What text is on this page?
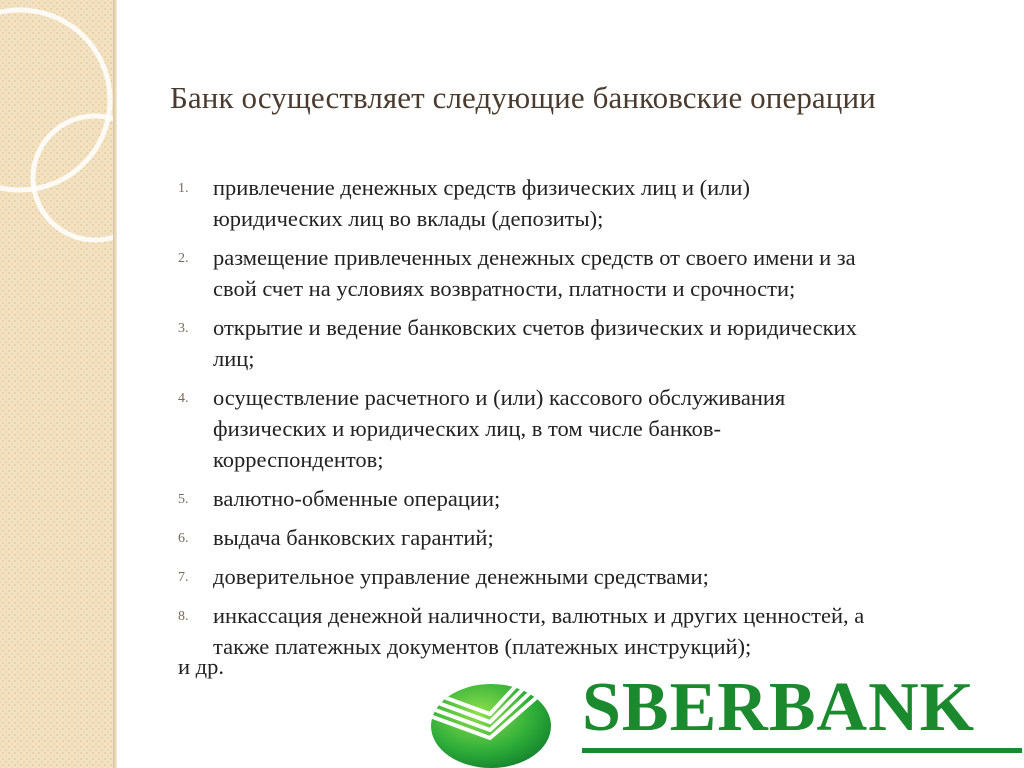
Банк осуществляет следующие банковские операции
1. привлечение денежных средств физических лиц и (или)
юридических лиц во вклады (депозиты);
2. размещение привлеченных денежных средств от своего имени и за
свой счет на условиях возвратности, платности и срочности;
3. открытие и ведение банковских счетов физических и юридических
лиц;
4. осуществление расчетного и (или) кассового обслуживания
физических и юридических лиц, в том числе банков-
корреспондентов;
5. валютно-обменные операции;
6. выдача банковских гарантий;
7. доверительное управление денежными средствами;
8. инкассация денежной наличности, валютных и других ценностей, а
также платежных документов (платежных инструкций);
и др.
SBERBANK
